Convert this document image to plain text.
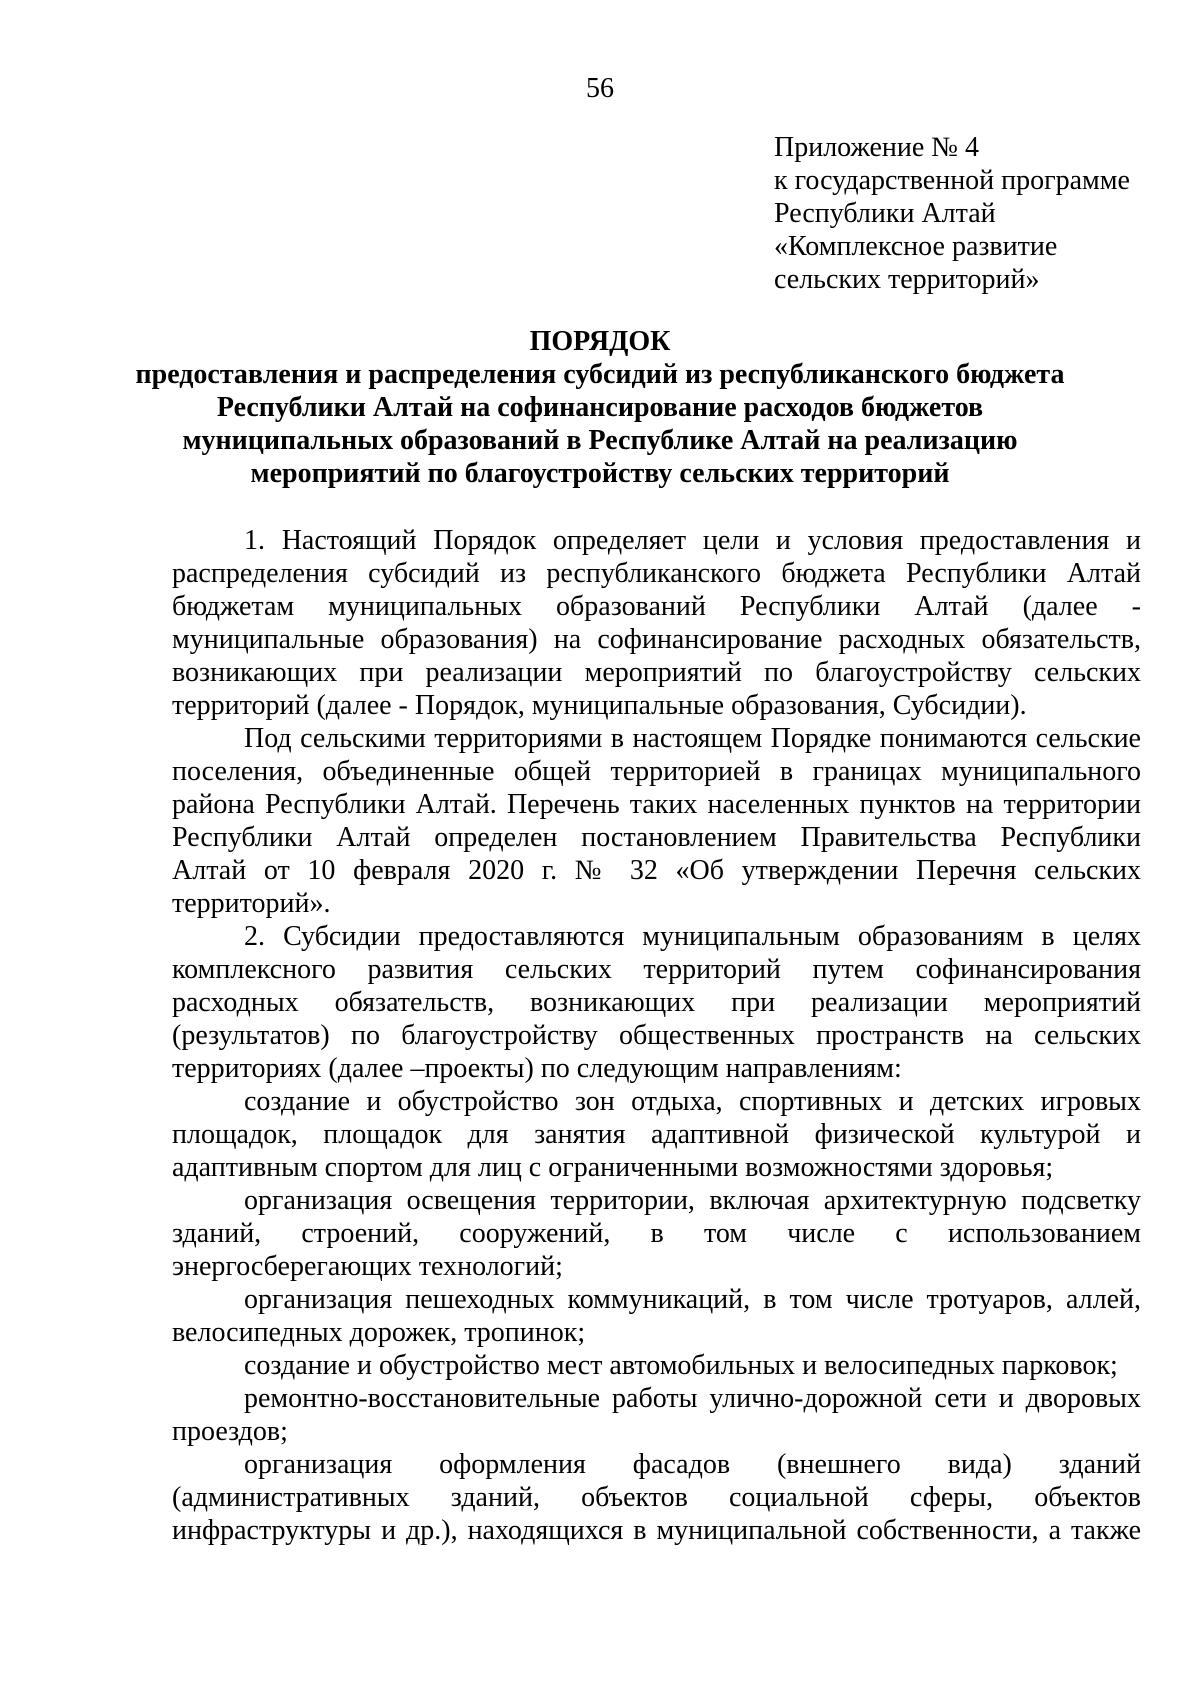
56
Приложение № 4
к государственной программе
Республики Алтай
«Комплексное развитие
сельских территорий»
ПОРЯДОК
предоставления и распределения субсидий из республиканского бюджета
Республики Алтай на софинансирование расходов бюджетов
муниципальных образований в Республике Алтай на реализацию
мероприятий по благоустройству сельских территорий
1. Настоящий Порядок определяет цели и условия предоставления и
распределения субсидий из республиканского бюджета Республики Алтай
бюджетам муниципальных образований Республики Алтай (далее -
муниципальные образования) на софинансирование расходных обязательств,
возникающих при реализации мероприятий по благоустройству сельских
территорий (далее - Порядок, муниципальные образования, Субсидии).
Под сельскими территориями в настоящем Порядке понимаются сельские
поселения, объединенные общей территорией в границах муниципального
района Республики Алтай. Перечень таких населенных пунктов на территории
Республики Алтай определен постановлением Правительства Республики
Алтай от 10 февраля 2020 г. № 32 «Об утверждении Перечня сельских
территорий».
2. Субсидии предоставляются муниципальным образованиям в целях
комплексного развития сельских территорий путем софинансирования
расходных обязательств, возникающих при реализации мероприятий
(результатов) по благоустройству общественных пространств на сельских
территориях (далее –проекты) по следующим направлениям:
создание и обустройство зон отдыха, спортивных и детских игровых
площадок, площадок для занятия адаптивной физической культурой и
адаптивным спортом для лиц с ограниченными возможностями здоровья;
организация освещения территории, включая архитектурную подсветку
зданий, строений, сооружений, в том числе с использованием
энергосберегающих технологий;
организация пешеходных коммуникаций, в том числе тротуаров, аллей,
велосипедных дорожек, тропинок;
создание и обустройство мест автомобильных и велосипедных парковок;
ремонтно-восстановительные работы улично-дорожной сети и дворовых
проездов;
организация оформления фасадов (внешнего вида) зданий
(административных зданий, объектов социальной сферы, объектов
инфраструктуры и др.), находящихся в муниципальной собственности, а также
